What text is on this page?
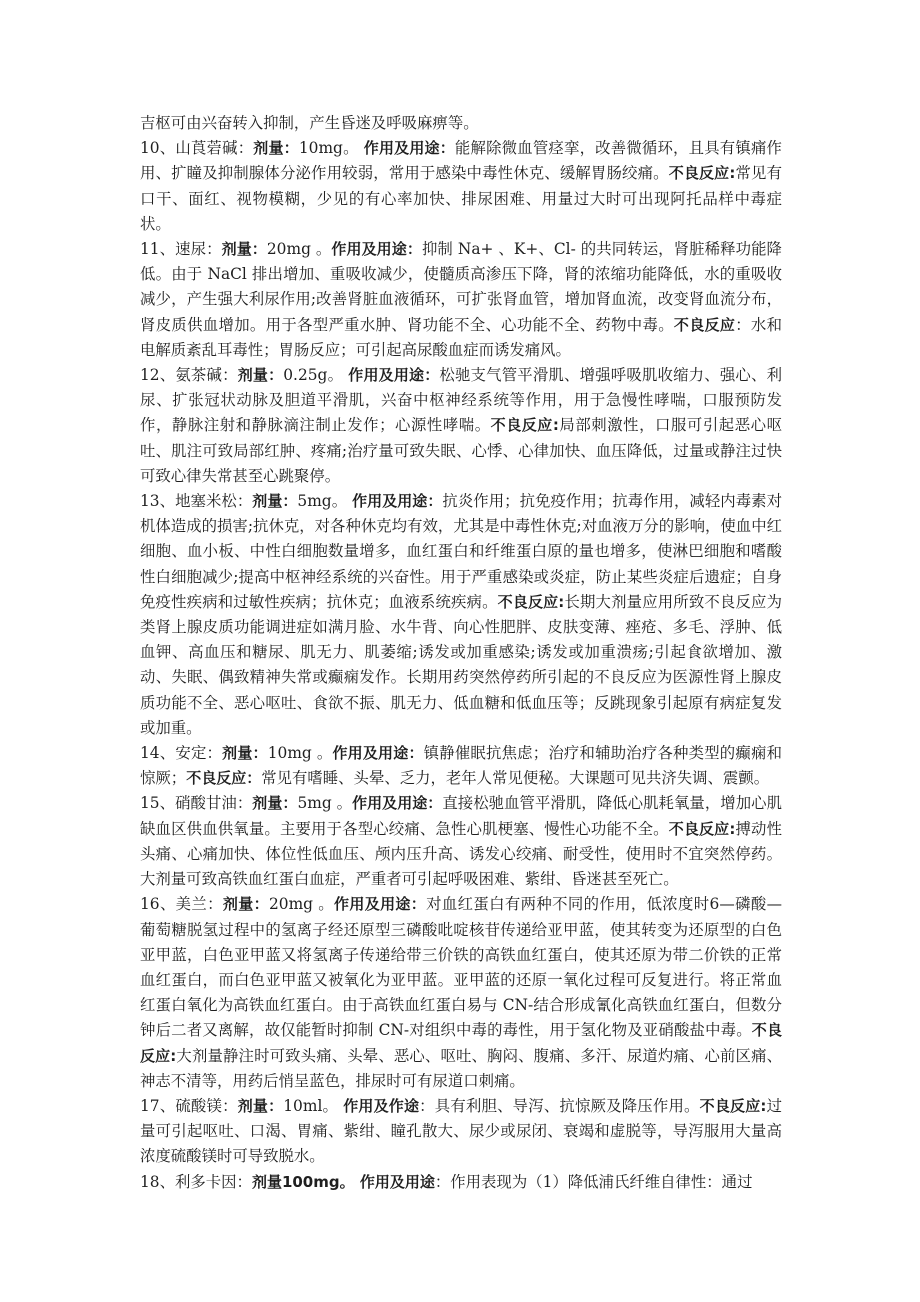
吉枢可由兴奋转入抑制，产生昏迷及呼吸麻痹等。

10、山莨菪碱：剂量：10mg。 作用及用途：能解除微血管痉挛，改善微循环，且具有镇痛作用、扩瞳及抑制腺体分泌作用较弱，常用于感染中毒性休克、缓解胃肠绞痛。不良反应:常见有口干、面红、视物模糊，少见的有心率加快、排尿困难、用量过大时可出现阿托品样中毒症状。

11、速尿：剂量：20mg 。作用及用途：抑制 Na+ 、K+、Cl- 的共同转运，肾脏稀释功能降低。由于 NaCl 排出增加、重吸收减少，使髓质高渗压下降，肾的浓缩功能降低，水的重吸收减少，产生强大利尿作用;改善肾脏血液循环，可扩张肾血管，增加肾血流，改变肾血流分布，肾皮质供血增加。用于各型严重水肿、肾功能不全、心功能不全、药物中毒。不良反应：水和电解质紊乱耳毒性；胃肠反应；可引起高尿酸血症而诱发痛风。

12、氨茶碱：剂量：0.25g。 作用及用途：松驰支气管平滑肌、增强呼吸肌收缩力、强心、利尿、扩张冠状动脉及胆道平滑肌，兴奋中枢神经系统等作用，用于急慢性哮喘，口服预防发作，静脉注射和静脉滴注制止发作；心源性哮喘。不良反应:局部刺激性，口服可引起恶心呕吐、肌注可致局部红肿、疼痛;治疗量可致失眠、心悸、心律加快、血压降低，过量或静注过快可致心律失常甚至心跳聚停。

13、地塞米松：剂量：5mg。 作用及用途：抗炎作用；抗免疫作用；抗毒作用，减轻内毒素对机体造成的损害;抗休克，对各种休克均有效，尤其是中毒性休克;对血液万分的影响，使血中红细胞、血小板、中性白细胞数量增多，血红蛋白和纤维蛋白原的量也增多，使淋巴细胞和嗜酸性白细胞减少;提高中枢神经系统的兴奋性。用于严重感染或炎症，防止某些炎症后遗症；自身免疫性疾病和过敏性疾病；抗休克；血液系统疾病。不良反应:长期大剂量应用所致不良反应为类肾上腺皮质功能调进症如满月脸、水牛背、向心性肥胖、皮肤变薄、痤疮、多毛、浮肿、低血钾、高血压和糖尿、肌无力、肌萎缩;诱发或加重感染;诱发或加重溃疡;引起食欲增加、激动、失眠、偶致精神失常或癫痫发作。长期用药突然停药所引起的不良反应为医源性肾上腺皮质功能不全、恶心呕吐、食欲不振、肌无力、低血糖和低血压等；反跳现象引起原有病症复发或加重。

14、安定：剂量：10mg 。作用及用途：镇静催眠抗焦虑；治疗和辅助治疗各种类型的癫痫和惊厥；不良反应：常见有嗜睡、头晕、乏力，老年人常见便秘。大课题可见共济失调、震颤。

15、硝酸甘油：剂量：5mg 。作用及用途：直接松驰血管平滑肌，降低心肌耗氧量，增加心肌缺血区供血供氧量。主要用于各型心绞痛、急性心肌梗塞、慢性心功能不全。不良反应:搏动性头痛、心痛加快、体位性低血压、颅内压升高、诱发心绞痛、耐受性，使用时不宜突然停药。大剂量可致高铁血红蛋白血症，严重者可引起呼吸困难、紫绀、昏迷甚至死亡。

16、美兰：剂量：20mg 。作用及用途：对血红蛋白有两种不同的作用，低浓度时6—磷酸—葡萄糖脱氢过程中的氢离子经还原型三磷酸吡啶核苷传递给亚甲蓝，使其转变为还原型的白色亚甲蓝，白色亚甲蓝又将氢离子传递给带三价铁的高铁血红蛋白，使其还原为带二价铁的正常血红蛋白，而白色亚甲蓝又被氧化为亚甲蓝。亚甲蓝的还原一氧化过程可反复进行。将正常血红蛋白氧化为高铁血红蛋白。由于高铁血红蛋白易与 CN-结合形成氰化高铁血红蛋白，但数分钟后二者又离解，故仅能暂时抑制 CN-对组织中毒的毒性，用于氢化物及亚硝酸盐中毒。不良反应:大剂量静注时可致头痛、头晕、恶心、呕吐、胸闷、腹痛、多汗、尿道灼痛、心前区痛、神志不清等，用药后悄呈蓝色，排尿时可有尿道口刺痛。

17、硫酸镁：剂量：10ml。 作用及作途：具有利胆、导泻、抗惊厥及降压作用。不良反应:过量可引起呕吐、口渴、胃痛、紫绀、瞳孔散大、尿少或尿闭、衰竭和虚脱等，导泻服用大量高浓度硫酸镁时可导致脱水。

18、利多卡因：剂量100mg。 作用及用途：作用表现为（1）降低浦氏纤维自律性：通过
